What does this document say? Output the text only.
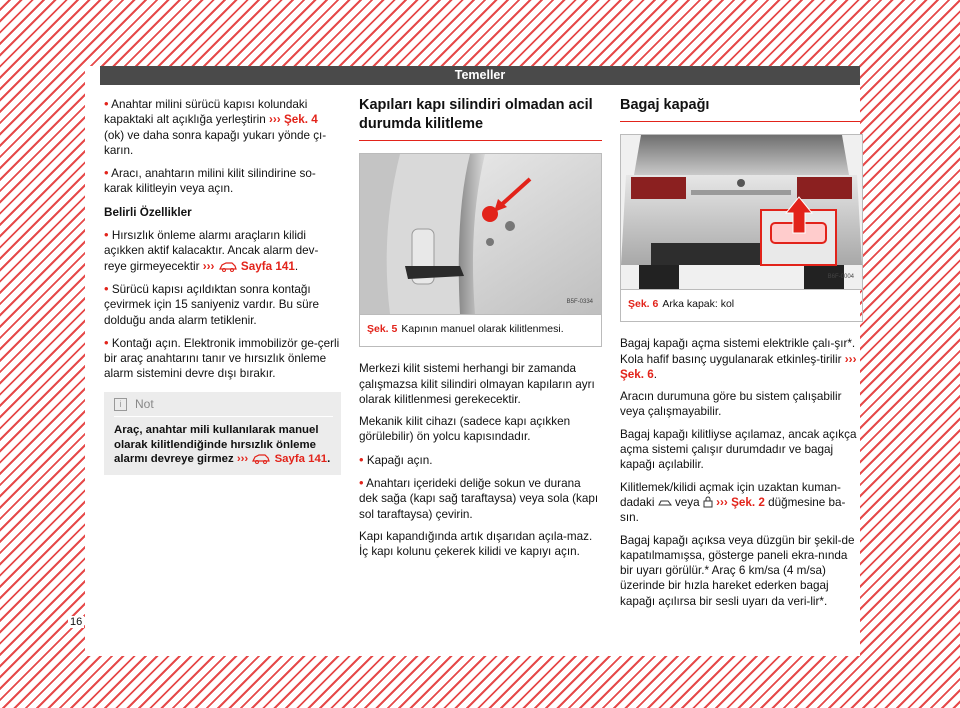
Temeller

• Anahtar milini sürücü kapısı kolundaki kapaktaki alt açıklığa yerleştirin ››› Şek. 4 (ok) ve daha sonra kapağı yukarı yönde çı-karın.

• Aracı, anahtarın milini kilit silindirine so-karak kilitleyin veya açın.

Belirli Özellikler

• Hırsızlık önleme alarmı araçların kilidi açıkken aktif kalacaktır. Ancak alarm dev-reye girmeyecektir ››› Sayfa 141.

• Sürücü kapısı açıldıktan sonra kontağı çevirmek için 15 saniyeniz vardır. Bu süre dolduğu anda alarm tetiklenir.

• Kontağı açın. Elektronik immobilizör ge-çerli bir araç anahtarını tanır ve hırsızlık önleme alarm sistemini devre dışı bırakır.

i	Not
Araç, anahtar mili kullanılarak manuel olarak kilitlendiğinde hırsızlık önleme alarmı devreye girmez ››› Sayfa 141.
Kapıları kapı silindiri olmadan acil durumda kilitleme
B5F-0334
Şek. 5 Kapının manuel olarak kilitlenmesi.

Merkezi kilit sistemi herhangi bir zamanda çalışmazsa kilit silindiri olmayan kapıların ayrı olarak kilitlenmesi gerekecektir.

Mekanik kilit cihazı (sadece kapı açıkken görülebilir) ön yolcu kapısındadır.

• Kapağı açın.

• Anahtarı içerideki deliğe sokun ve durana dek sağa (kapı sağ taraftaysa) veya sola (kapı sol taraftaysa) çevirin.

Kapı kapandığında artık dışarıdan açıla-maz. İç kapı kolunu çekerek kilidi ve kapıyı açın.

Bagaj kapağı
B6F-0004
Şek. 6 Arka kapak: kol

Bagaj kapağı açma sistemi elektrikle çalı-şır*. Kola hafif basınç uygulanarak etkinleş-tirilir ››› Şek. 6.

Aracın durumuna göre bu sistem çalışabilir veya çalışmayabilir.

Bagaj kapağı kilitliyse açılamaz, ancak açıkça açma sistemi çalışır durumdadır ve bagaj kapağı açılabilir.

Kilitlemek/kilidi açmak için uzaktan kuman-dadaki  veya  ››› Şek. 2 düğmesine ba-sın.

Bagaj kapağı açıksa veya düzgün bir şekil-de kapatılmamışsa, gösterge paneli ekra-nında bir uyarı görülür.* Araç 6 km/sa (4 m/sa) üzerinde bir hızla hareket ederken bagaj kapağı açılırsa bir sesli uyarı da veri-lir*.

16
